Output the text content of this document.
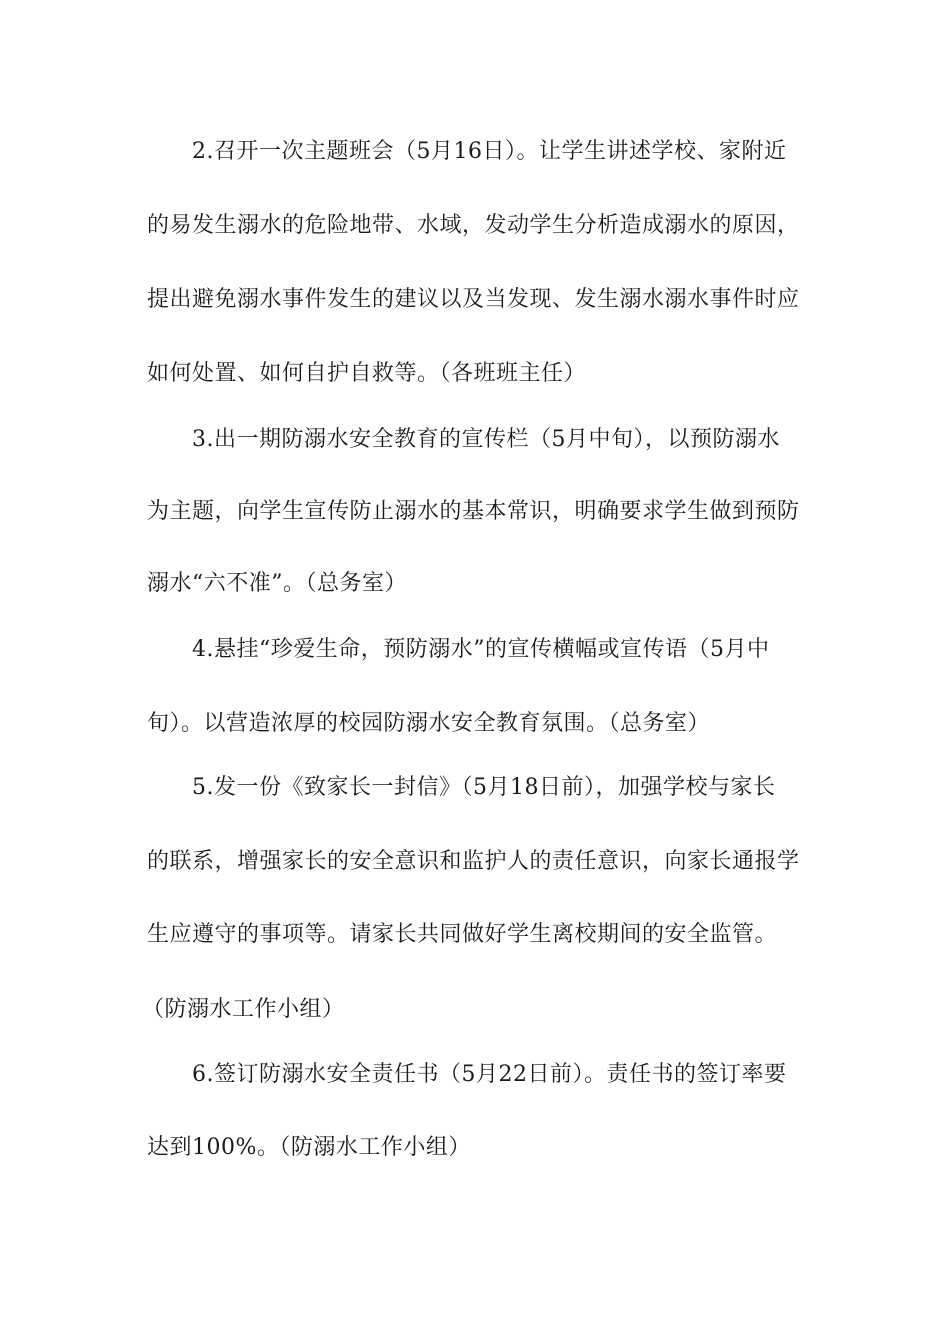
2.召开一次主题班会（5月16日）。让学生讲述学校、家附近
的易发生溺水的危险地带、水域，发动学生分析造成溺水的原因，
提出避免溺水事件发生的建议以及当发现、发生溺水溺水事件时应
如何处置、如何自护自救等。（各班班主任）
3.出一期防溺水安全教育的宣传栏（5月中旬），以预防溺水
为主题，向学生宣传防止溺水的基本常识，明确要求学生做到预防
溺水“六不准”。（总务室）
4.悬挂“珍爱生命，预防溺水”的宣传横幅或宣传语（5月中
旬）。以营造浓厚的校园防溺水安全教育氛围。（总务室）
5.发一份《致家长一封信》（5月18日前），加强学校与家长
的联系，增强家长的安全意识和监护人的责任意识，向家长通报学
生应遵守的事项等。请家长共同做好学生离校期间的安全监管。
（防溺水工作小组）
6.签订防溺水安全责任书（5月22日前）。责任书的签订率要
达到100%。（防溺水工作小组）
